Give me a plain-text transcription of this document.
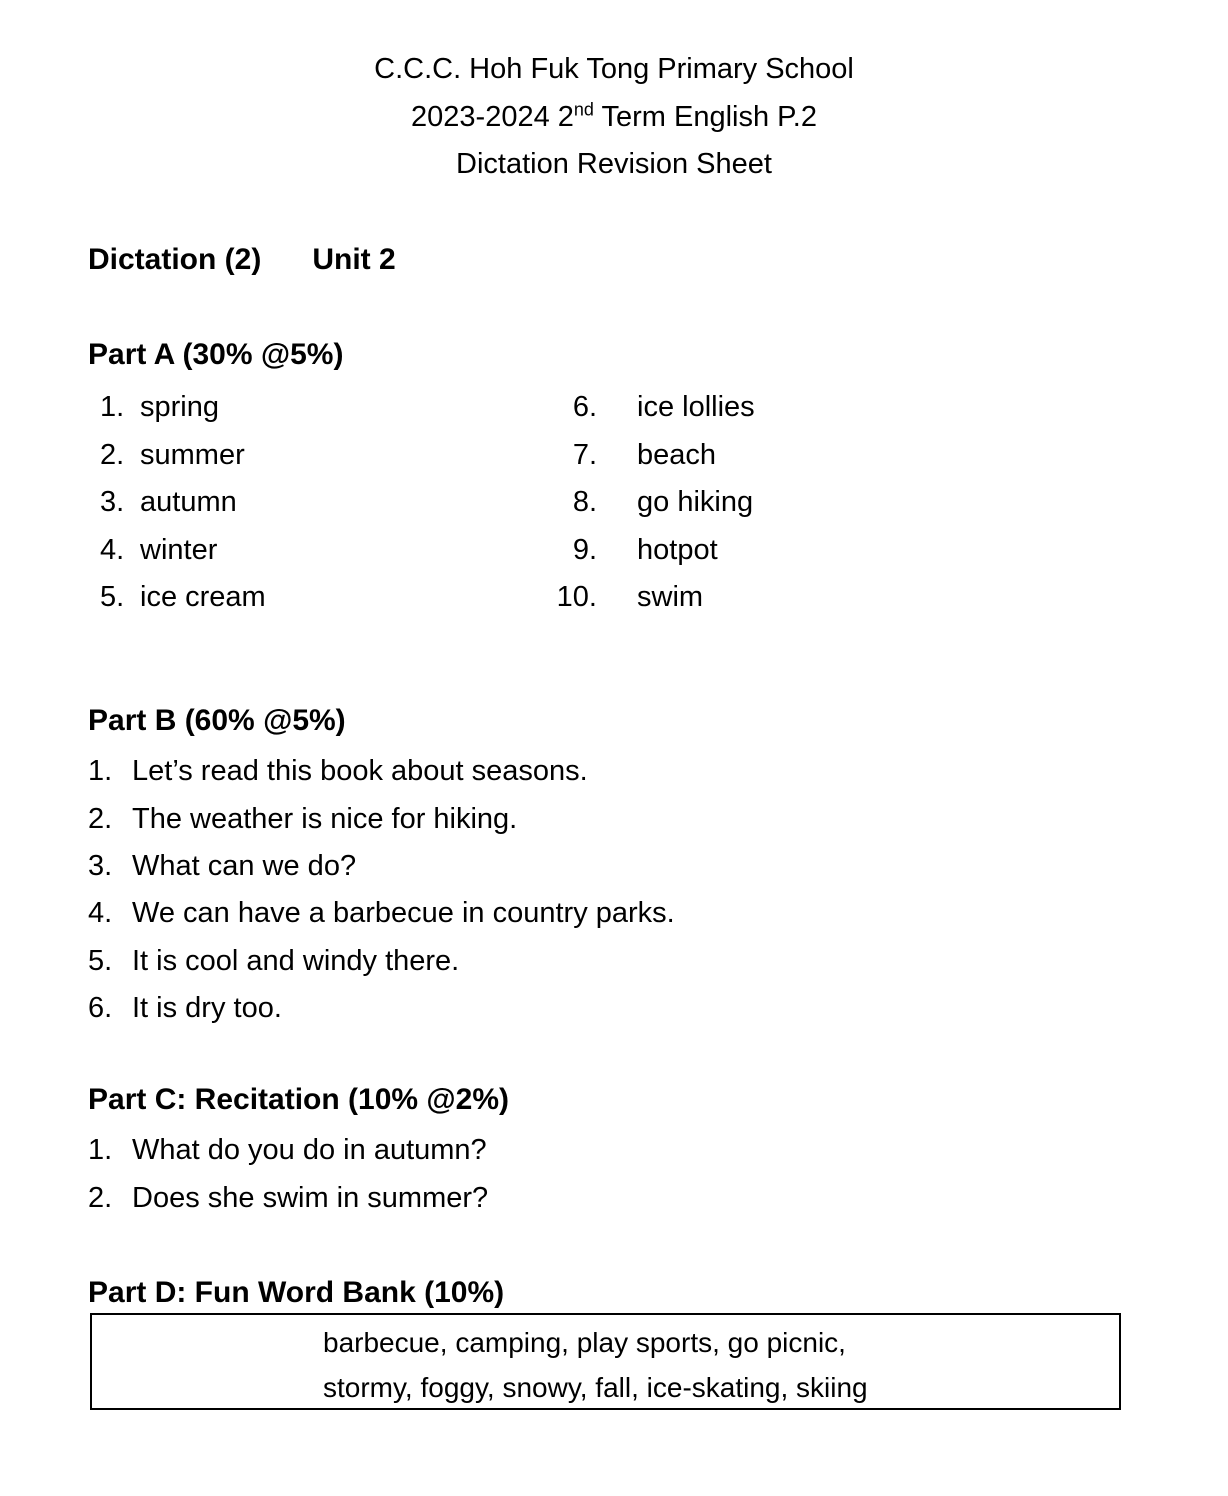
C.C.C. Hoh Fuk Tong Primary School
2023-2024 2nd Term English P.2
Dictation Revision Sheet
Dictation (2) Unit 2
Part A (30% @5%)
1. spring
2. summer
3. autumn
4. winter
5. ice cream
6. ice lollies
7. beach
8. go hiking
9. hotpot
10. swim
Part B (60% @5%)
1. Let’s read this book about seasons.
2. The weather is nice for hiking.
3. What can we do?
4. We can have a barbecue in country parks.
5. It is cool and windy there.
6. It is dry too.
Part C: Recitation (10% @2%)
1. What do you do in autumn?
2. Does she swim in summer?
Part D: Fun Word Bank (10%)
barbecue, camping, play sports, go picnic,
stormy, foggy, snowy, fall, ice-skating, skiing
